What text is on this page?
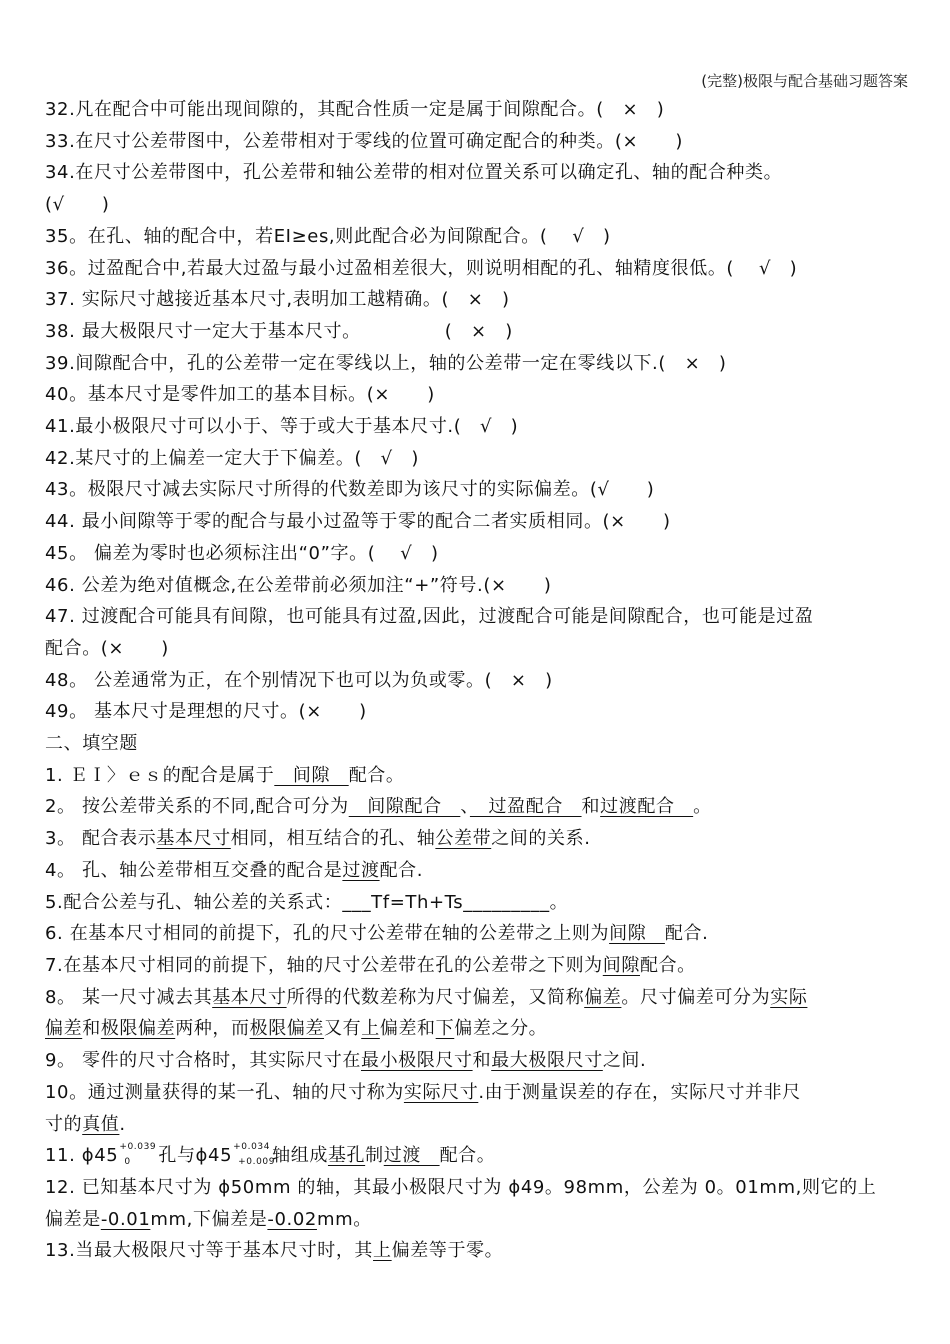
(完整)极限与配合基础习题答案
32.凡在配合中可能出现间隙的，其配合性质一定是属于间隙配合。(　×　)
33.在尺寸公差带图中，公差带相对于零线的位置可确定配合的种类。(×　　)
34.在尺寸公差带图中，孔公差带和轴公差带的相对位置关系可以确定孔、轴的配合种类。
(√　　)
35。在孔、轴的配合中，若EI≥es,则此配合必为间隙配合。(　 √　)
36。过盈配合中,若最大过盈与最小过盈相差很大，则说明相配的孔、轴精度很低。(　 √　)
37. 实际尺寸越接近基本尺寸,表明加工越精确。(　×　)
38. 最大极限尺寸一定大于基本尺寸。　　　　　(　×　)
39.间隙配合中，孔的公差带一定在零线以上，轴的公差带一定在零线以下.(　×　)
40。基本尺寸是零件加工的基本目标。(×　　)
41.最小极限尺寸可以小于、等于或大于基本尺寸.(　√　)
42.某尺寸的上偏差一定大于下偏差。(　√　)
43。极限尺寸减去实际尺寸所得的代数差即为该尺寸的实际偏差。(√　　)
44. 最小间隙等于零的配合与最小过盈等于零的配合二者实质相同。(×　　)
45。 偏差为零时也必须标注出“0”字。(　 √　)
46. 公差为绝对值概念,在公差带前必须加注“+”符号.(×　　)
47. 过渡配合可能具有间隙，也可能具有过盈,因此，过渡配合可能是间隙配合，也可能是过盈
配合。(×　　)
48。 公差通常为正，在个别情况下也可以为负或零。(　×　)
49。 基本尺寸是理想的尺寸。(×　　)
二、填空题
1. ＥＩ〉ｅｓ的配合是属于　间隙　配合。
2。 按公差带关系的不同,配合可分为　间隙配合　、　过盈配合　和过渡配合　。
3。 配合表示基本尺寸相同，相互结合的孔、轴公差带之间的关系.
4。 孔、轴公差带相互交叠的配合是过渡配合.
5.配合公差与孔、轴公差的关系式：___Tf=Th+Ts_________。
6. 在基本尺寸相同的前提下，孔的尺寸公差带在轴的公差带之上则为间隙　配合.
7.在基本尺寸相同的前提下，轴的尺寸公差带在孔的公差带之下则为间隙配合。
8。 某一尺寸减去其基本尺寸所得的代数差称为尺寸偏差，又简称偏差。尺寸偏差可分为实际
偏差和极限偏差两种，而极限偏差又有上偏差和下偏差之分。
9。 零件的尺寸合格时，其实际尺寸在最小极限尺寸和最大极限尺寸之间.
10。通过测量获得的某一孔、轴的尺寸称为实际尺寸.由于测量误差的存在，实际尺寸并非尺
寸的真值.
11. ϕ45 +0.039
0 孔与ϕ45 +0.034
+0.009
轴组成基孔制过渡　配合。
12. 已知基本尺寸为 ϕ50mm 的轴，其最小极限尺寸为 ϕ49。98mm，公差为 0。01mm,则它的上
偏差是-0.01mm,下偏差是-0.02mm。
13.当最大极限尺寸等于基本尺寸时，其上偏差等于零。
